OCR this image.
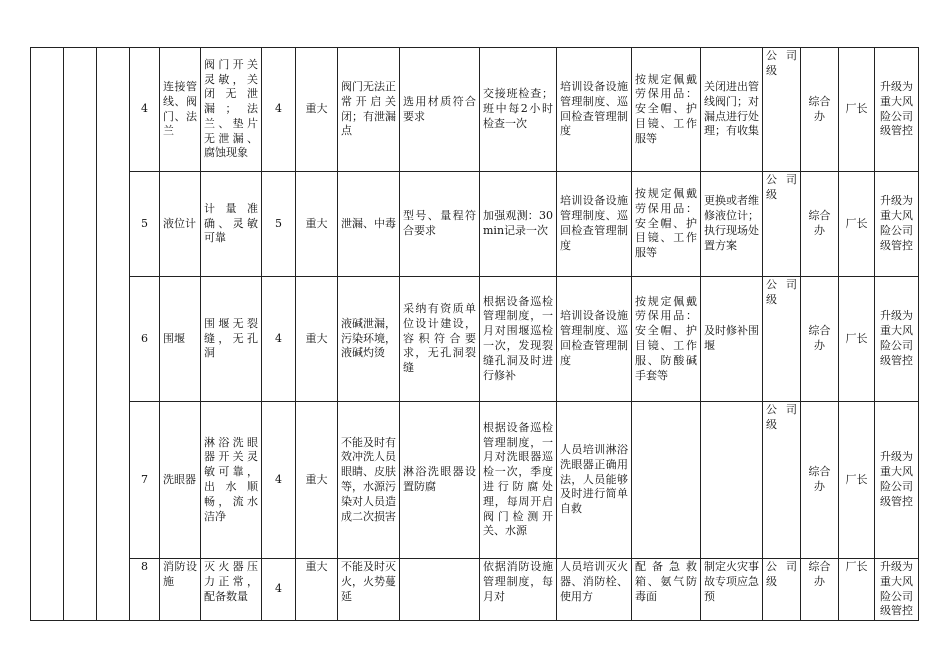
			4	连接管线、阀门、法兰	阀门开关灵敏，关闭无泄漏；法兰、垫片无泄漏、腐蚀现象	4	重大	阀门无法正常开启关闭；有泄漏点	选用材质符合要求	交接班检查；班中每2小时检查一次	培训设备设施管理制度、巡回检查管理制度	按规定佩戴劳保用品：安全帽、护目镜、工作服等	关闭进出管线阀门；对漏点进行处理；有收集	公司级	综合办	厂长	升级为重大风险公司级管控
			5	液位计	计量准确、灵敏可靠	5	重大	泄漏、中毒	型号、量程符合要求	加强观测：30min记录一次	培训设备设施管理制度、巡回检查管理制度	按规定佩戴劳保用品：安全帽、护目镜、工作服等	更换或者维修液位计；执行现场处置方案	公司级	综合办	厂长	升级为重大风险公司级管控
			6	围堰	围堰无裂缝，无孔洞	4	重大	液碱泄漏，污染环境，液碱灼烫	采纳有资质单位设计建设，容积符合要求，无孔洞裂缝	根据设备巡检管理制度，一月对围堰巡检一次，发现裂缝孔洞及时进行修补	培训设备设施管理制度、巡回检查管理制度	按规定佩戴劳保用品：安全帽、护目镜、工作服、防酸碱手套等	及时修补围堰	公司级	综合办	厂长	升级为重大风险公司级管控
			7	洗眼器	淋浴洗眼器开关灵敏可靠，出水顺畅，流水洁净	4	重大	不能及时有效冲洗人员眼睛、皮肤等，水源污染对人员造成二次损害	淋浴洗眼器设置防腐	根据设备巡检管理制度，一月对洗眼器巡检一次，季度进行防腐处理，每周开启阀门检测开关、水源	人员培训淋浴洗眼器正确用法，人员能够及时进行简单自救			公司级	综合办	厂长	升级为重大风险公司级管控
			8	消防设施	灭火器压力正常，配备数量	4	重大	不能及时灭火，火势蔓延		依据消防设施管理制度，每月对	人员培训灭火器、消防栓、使用方	配备急救箱、氨气防毒面	制定火灾事故专项应急预	公司级	综合办	厂长	升级为重大风险公司级管控
